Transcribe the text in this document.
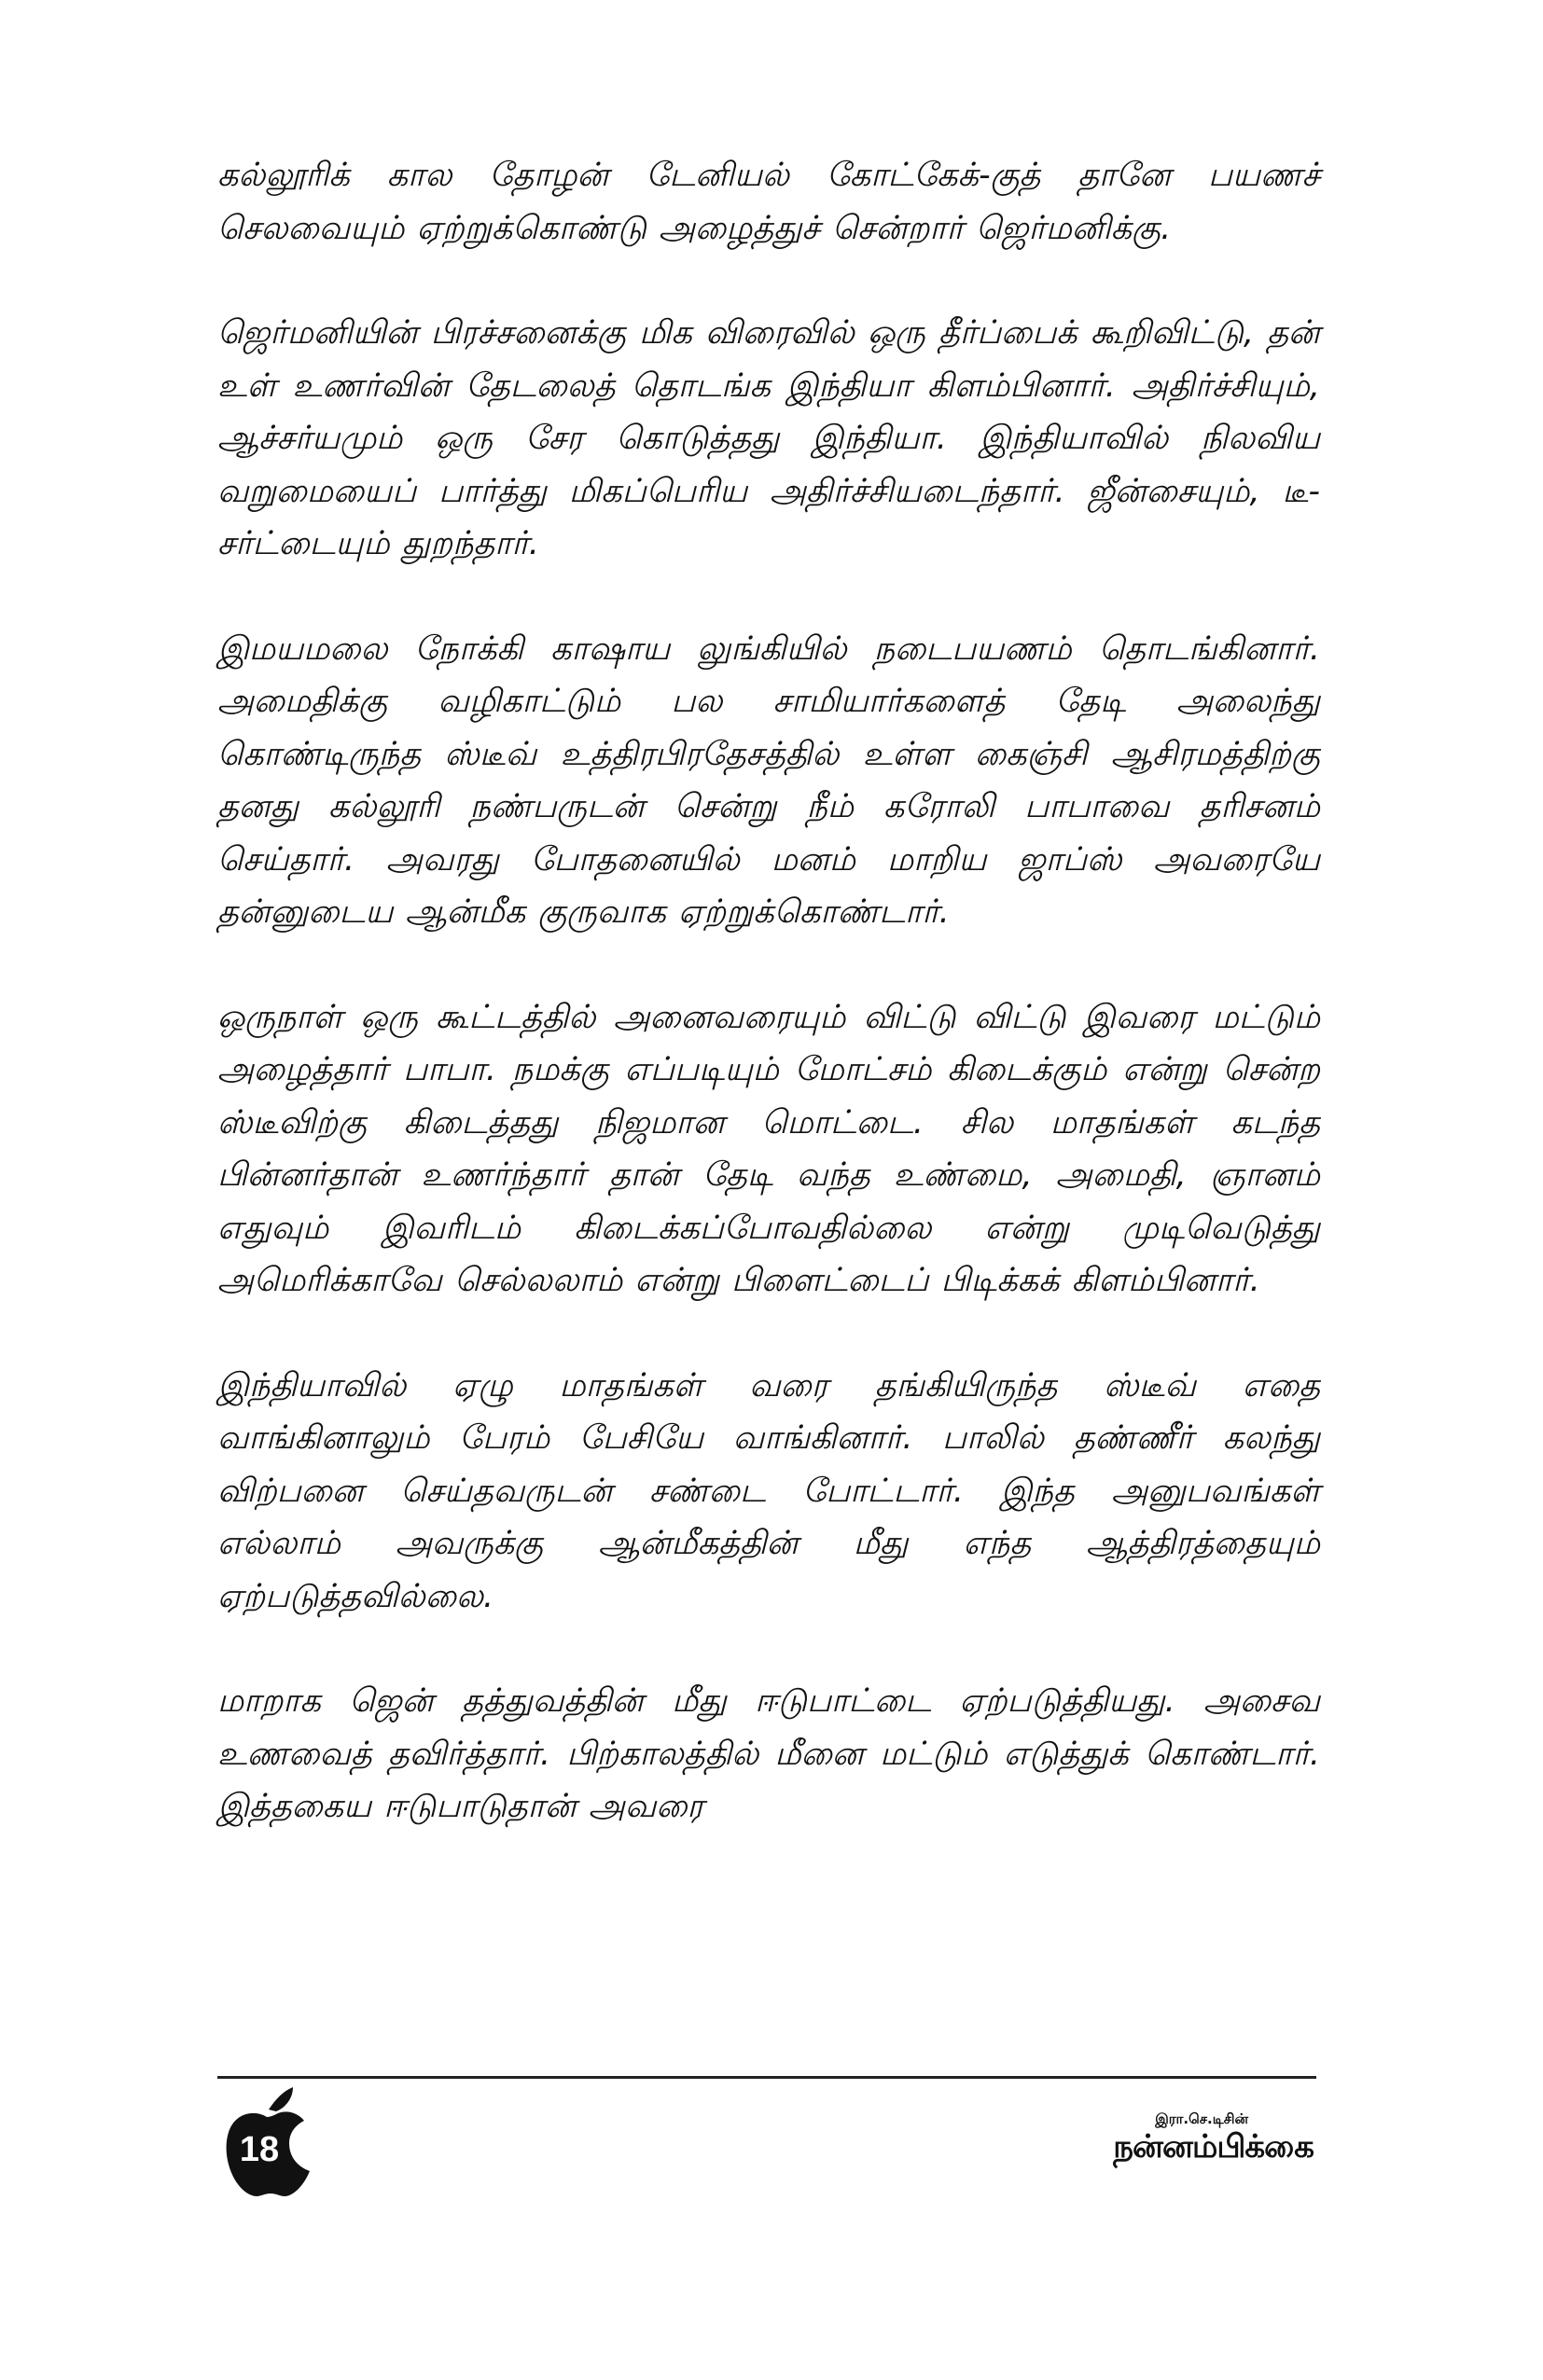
கல்லூரிக் கால தோழன் டேனியல் கோட்கேக்-குத் தானே பயணச் செலவையும் ஏற்றுக்கொண்டு அழைத்துச் சென்றார் ஜெர்மனிக்கு.

ஜெர்மனியின் பிரச்சனைக்கு மிக விரைவில் ஒரு தீர்ப்பைக் கூறிவிட்டு, தன் உள் உணர்வின் தேடலைத் தொடங்க இந்தியா கிளம்பினார். அதிர்ச்சியும், ஆச்சர்யமும் ஒரு சேர கொடுத்தது இந்தியா. இந்தியாவில் நிலவிய வறுமையைப் பார்த்து மிகப்பெரிய அதிர்ச்சியடைந்தார். ஜீன்சையும், டீ-சர்ட்டையும் துறந்தார்.

இமயமலை நோக்கி காஷாய லுங்கியில் நடைபயணம் தொடங்கினார். அமைதிக்கு வழிகாட்டும் பல சாமியார்களைத் தேடி அலைந்து கொண்டிருந்த ஸ்டீவ் உத்திரபிரதேசத்தில் உள்ள கைஞ்சி ஆசிரமத்திற்கு தனது கல்லூரி நண்பருடன் சென்று நீம் கரோலி பாபாவை தரிசனம் செய்தார். அவரது போதனையில் மனம் மாறிய ஜாப்ஸ் அவரையே தன்னுடைய ஆன்மீக குருவாக ஏற்றுக்கொண்டார்.

ஒருநாள் ஒரு கூட்டத்தில் அனைவரையும் விட்டு விட்டு இவரை மட்டும் அழைத்தார் பாபா. நமக்கு எப்படியும் மோட்சம் கிடைக்கும் என்று சென்ற ஸ்டீவிற்கு கிடைத்தது நிஜமான மொட்டை. சில மாதங்கள் கடந்த பின்னர்தான் உணர்ந்தார் தான் தேடி வந்த உண்மை, அமைதி, ஞானம் எதுவும் இவரிடம் கிடைக்கப்போவதில்லை என்று முடிவெடுத்து அமெரிக்காவே செல்லலாம் என்று பிளைட்டைப் பிடிக்கக் கிளம்பினார்.

இந்தியாவில் ஏழு மாதங்கள் வரை தங்கியிருந்த ஸ்டீவ் எதை வாங்கினாலும் பேரம் பேசியே வாங்கினார். பாலில் தண்ணீர் கலந்து விற்பனை செய்தவருடன் சண்டை போட்டார். இந்த அனுபவங்கள் எல்லாம் அவருக்கு ஆன்மீகத்தின் மீது எந்த ஆத்திரத்தையும் ஏற்படுத்தவில்லை.

மாறாக ஜென் தத்துவத்தின் மீது ஈடுபாட்டை ஏற்படுத்தியது. அசைவ உணவைத் தவிர்த்தார். பிற்காலத்தில் மீனை மட்டும் எடுத்துக் கொண்டார். இத்தகைய ஈடுபாடுதான் அவரை

18
இரா.செ.டிசின்
நன்னம்பிக்கை
